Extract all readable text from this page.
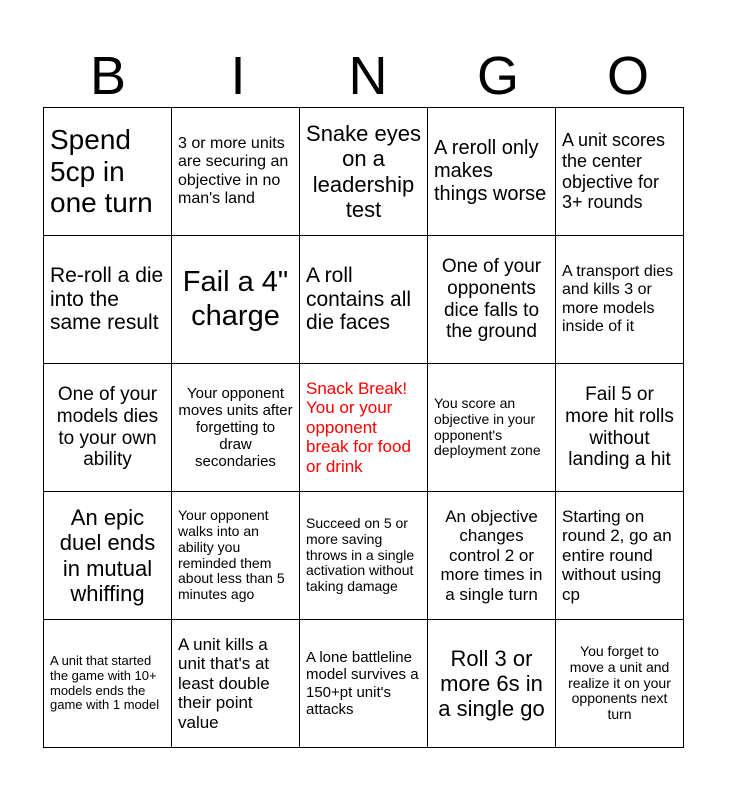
B	I	N	G	O
Spend 5cp in one turn	3 or more units are securing an objective in no man's land	Snake eyes on a leadership test	A reroll only makes things worse	A unit scores the center objective for 3+ rounds
Re-roll a die into the same result	Fail a 4" charge	A roll contains all die faces	One of your opponents dice falls to the ground	A transport dies and kills 3 or more models inside of it
One of your models dies to your own ability	Your opponent moves units after forgetting to draw secondaries	Snack Break! You or your opponent break for food or drink	You score an objective in your opponent's deployment zone	Fail 5 or more hit rolls without landing a hit
An epic duel ends in mutual whiffing	Your opponent walks into an ability you reminded them about less than 5 minutes ago	Succeed on 5 or more saving throws in a single activation without taking damage	An objective changes control 2 or more times in a single turn	Starting on round 2, go an entire round without using cp
A unit that started the game with 10+ models ends the game with 1 model	A unit kills a unit that's at least double their point value	A lone battleline model survives a 150+pt unit's attacks	Roll 3 or more 6s in a single go	You forget to move a unit and realize it on your opponents next turn
